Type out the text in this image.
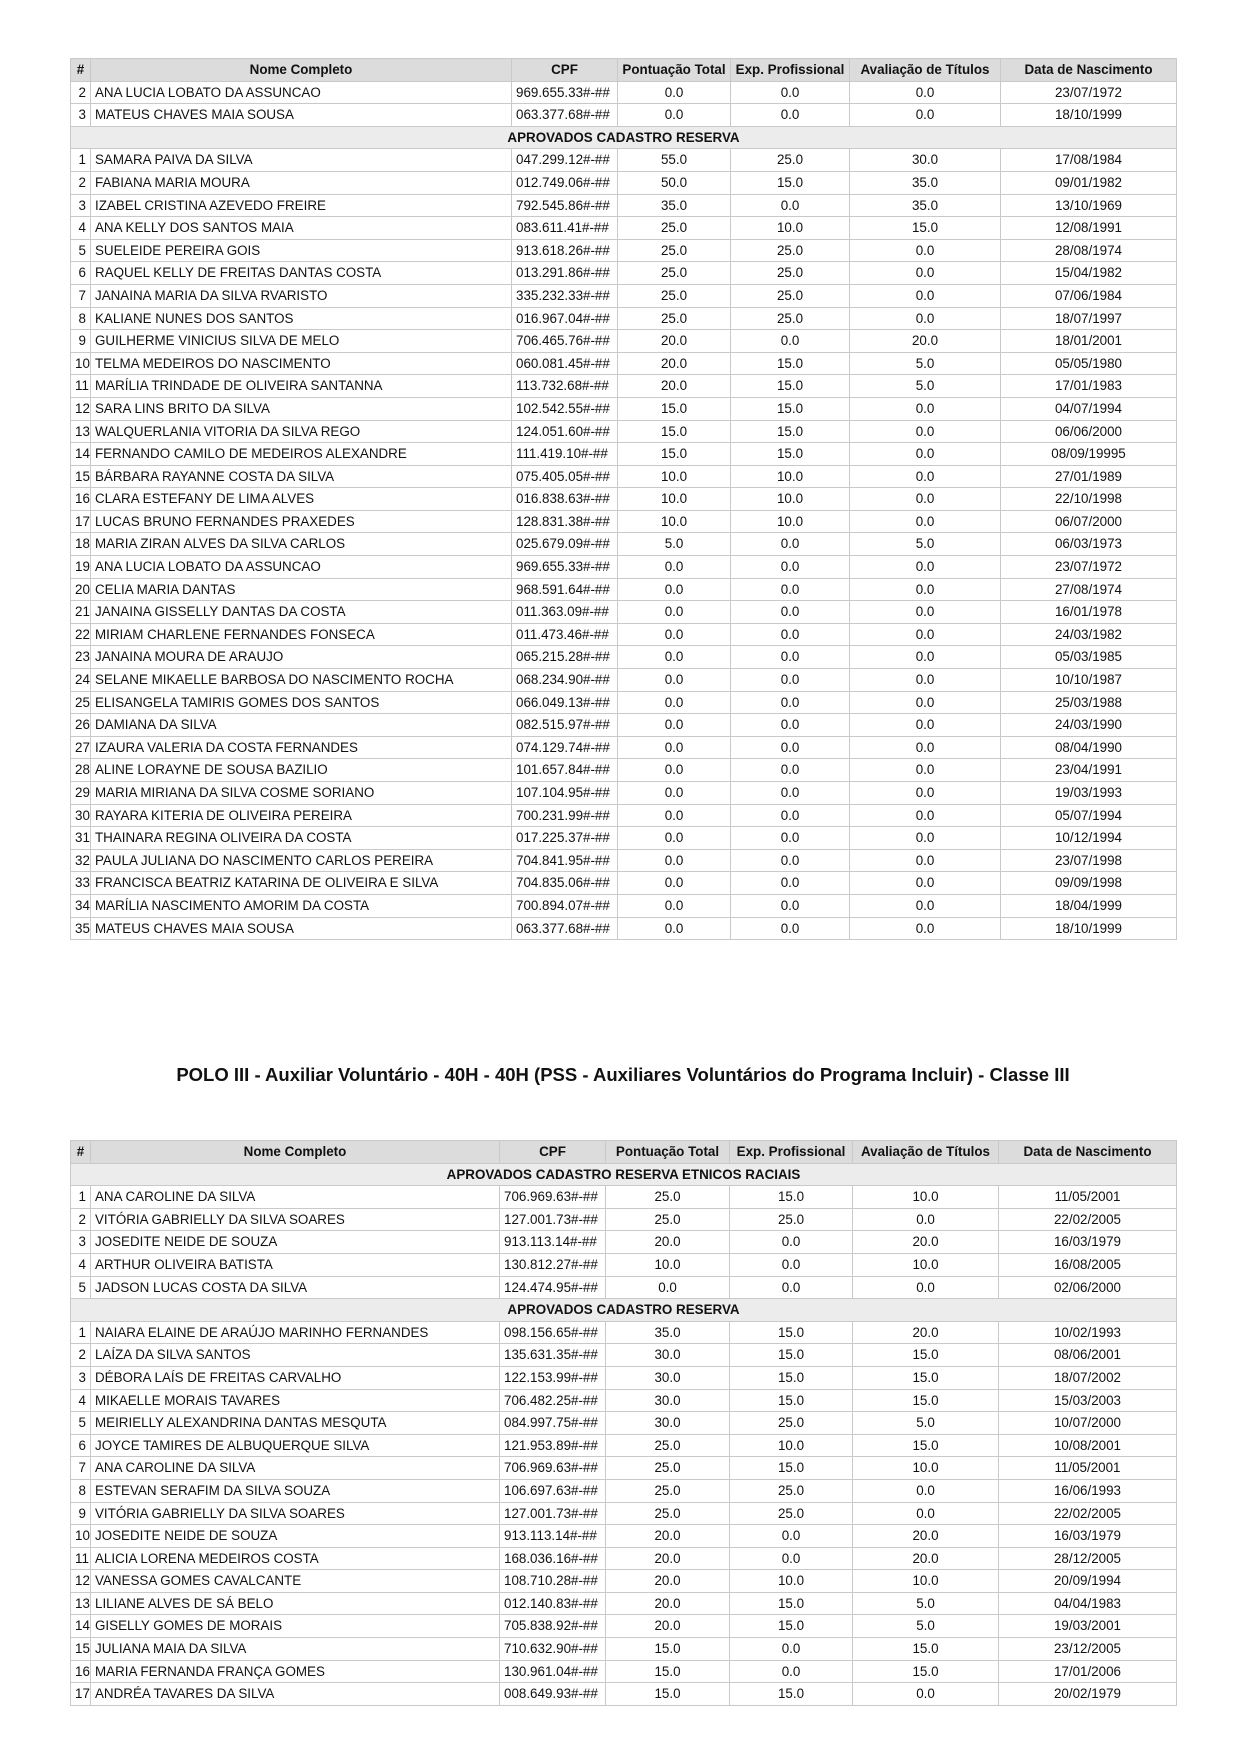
#	Nome Completo	CPF	Pontuação Total	Exp. Profissional	Avaliação de Títulos	Data de Nascimento
2	ANA LUCIA LOBATO DA ASSUNCAO	969.655.33#-##	0.0	0.0	0.0	23/07/1972
3	MATEUS CHAVES MAIA SOUSA	063.377.68#-##	0.0	0.0	0.0	18/10/1999
APROVADOS CADASTRO RESERVA						
1	SAMARA PAIVA DA SILVA	047.299.12#-##	55.0	25.0	30.0	17/08/1984
2	FABIANA MARIA MOURA	012.749.06#-##	50.0	15.0	35.0	09/01/1982
3	IZABEL CRISTINA AZEVEDO FREIRE	792.545.86#-##	35.0	0.0	35.0	13/10/1969
4	ANA KELLY DOS SANTOS MAIA	083.611.41#-##	25.0	10.0	15.0	12/08/1991
5	SUELEIDE PEREIRA GOIS	913.618.26#-##	25.0	25.0	0.0	28/08/1974
6	RAQUEL KELLY DE FREITAS DANTAS COSTA	013.291.86#-##	25.0	25.0	0.0	15/04/1982
7	JANAINA MARIA DA SILVA RVARISTO	335.232.33#-##	25.0	25.0	0.0	07/06/1984
8	KALIANE NUNES DOS SANTOS	016.967.04#-##	25.0	25.0	0.0	18/07/1997
9	GUILHERME VINICIUS SILVA DE MELO	706.465.76#-##	20.0	0.0	20.0	18/01/2001
10	TELMA MEDEIROS DO NASCIMENTO	060.081.45#-##	20.0	15.0	5.0	05/05/1980
11	MARÍLIA TRINDADE DE OLIVEIRA SANTANNA	113.732.68#-##	20.0	15.0	5.0	17/01/1983
12	SARA LINS BRITO DA SILVA	102.542.55#-##	15.0	15.0	0.0	04/07/1994
13	WALQUERLANIA VITORIA DA SILVA REGO	124.051.60#-##	15.0	15.0	0.0	06/06/2000
14	FERNANDO CAMILO DE MEDEIROS ALEXANDRE	111.419.10#-##	15.0	15.0	0.0	08/09/19995
15	BÁRBARA RAYANNE COSTA DA SILVA	075.405.05#-##	10.0	10.0	0.0	27/01/1989
16	CLARA ESTEFANY DE LIMA ALVES	016.838.63#-##	10.0	10.0	0.0	22/10/1998
17	LUCAS BRUNO FERNANDES PRAXEDES	128.831.38#-##	10.0	10.0	0.0	06/07/2000
18	MARIA ZIRAN ALVES DA SILVA CARLOS	025.679.09#-##	5.0	0.0	5.0	06/03/1973
19	ANA LUCIA LOBATO DA ASSUNCAO	969.655.33#-##	0.0	0.0	0.0	23/07/1972
20	CELIA MARIA DANTAS	968.591.64#-##	0.0	0.0	0.0	27/08/1974
21	JANAINA GISSELLY DANTAS DA COSTA	011.363.09#-##	0.0	0.0	0.0	16/01/1978
22	MIRIAM CHARLENE FERNANDES FONSECA	011.473.46#-##	0.0	0.0	0.0	24/03/1982
23	JANAINA MOURA DE ARAUJO	065.215.28#-##	0.0	0.0	0.0	05/03/1985
24	SELANE MIKAELLE BARBOSA DO NASCIMENTO ROCHA	068.234.90#-##	0.0	0.0	0.0	10/10/1987
25	ELISANGELA TAMIRIS GOMES DOS SANTOS	066.049.13#-##	0.0	0.0	0.0	25/03/1988
26	DAMIANA DA SILVA	082.515.97#-##	0.0	0.0	0.0	24/03/1990
27	IZAURA VALERIA DA COSTA FERNANDES	074.129.74#-##	0.0	0.0	0.0	08/04/1990
28	ALINE LORAYNE DE SOUSA BAZILIO	101.657.84#-##	0.0	0.0	0.0	23/04/1991
29	MARIA MIRIANA DA SILVA COSME SORIANO	107.104.95#-##	0.0	0.0	0.0	19/03/1993
30	RAYARA KITERIA DE OLIVEIRA PEREIRA	700.231.99#-##	0.0	0.0	0.0	05/07/1994
31	THAINARA REGINA OLIVEIRA DA COSTA	017.225.37#-##	0.0	0.0	0.0	10/12/1994
32	PAULA JULIANA DO NASCIMENTO CARLOS PEREIRA	704.841.95#-##	0.0	0.0	0.0	23/07/1998
33	FRANCISCA BEATRIZ KATARINA DE OLIVEIRA E SILVA	704.835.06#-##	0.0	0.0	0.0	09/09/1998
34	MARÍLIA NASCIMENTO AMORIM DA COSTA	700.894.07#-##	0.0	0.0	0.0	18/04/1999
35	MATEUS CHAVES MAIA SOUSA	063.377.68#-##	0.0	0.0	0.0	18/10/1999
POLO III - Auxiliar Voluntário - 40H - 40H (PSS - Auxiliares Voluntários do Programa Incluir) - Classe III
#	Nome Completo	CPF	Pontuação Total	Exp. Profissional	Avaliação de Títulos	Data de Nascimento
APROVADOS CADASTRO RESERVA ETNICOS RACIAIS						
1	ANA CAROLINE DA SILVA	706.969.63#-##	25.0	15.0	10.0	11/05/2001
2	VITÓRIA GABRIELLY DA SILVA SOARES	127.001.73#-##	25.0	25.0	0.0	22/02/2005
3	JOSEDITE NEIDE DE SOUZA	913.113.14#-##	20.0	0.0	20.0	16/03/1979
4	ARTHUR OLIVEIRA BATISTA	130.812.27#-##	10.0	0.0	10.0	16/08/2005
5	JADSON LUCAS COSTA DA SILVA	124.474.95#-##	0.0	0.0	0.0	02/06/2000
APROVADOS CADASTRO RESERVA						
1	NAIARA ELAINE DE ARAÚJO MARINHO FERNANDES	098.156.65#-##	35.0	15.0	20.0	10/02/1993
2	LAÍZA DA SILVA SANTOS	135.631.35#-##	30.0	15.0	15.0	08/06/2001
3	DÉBORA LAÍS DE FREITAS CARVALHO	122.153.99#-##	30.0	15.0	15.0	18/07/2002
4	MIKAELLE MORAIS TAVARES	706.482.25#-##	30.0	15.0	15.0	15/03/2003
5	MEIRIELLY ALEXANDRINA DANTAS MESQUTA	084.997.75#-##	30.0	25.0	5.0	10/07/2000
6	JOYCE TAMIRES DE ALBUQUERQUE SILVA	121.953.89#-##	25.0	10.0	15.0	10/08/2001
7	ANA CAROLINE DA SILVA	706.969.63#-##	25.0	15.0	10.0	11/05/2001
8	ESTEVAN SERAFIM DA SILVA SOUZA	106.697.63#-##	25.0	25.0	0.0	16/06/1993
9	VITÓRIA GABRIELLY DA SILVA SOARES	127.001.73#-##	25.0	25.0	0.0	22/02/2005
10	JOSEDITE NEIDE DE SOUZA	913.113.14#-##	20.0	0.0	20.0	16/03/1979
11	ALICIA LORENA MEDEIROS COSTA	168.036.16#-##	20.0	0.0	20.0	28/12/2005
12	VANESSA GOMES CAVALCANTE	108.710.28#-##	20.0	10.0	10.0	20/09/1994
13	LILIANE ALVES DE SÁ BELO	012.140.83#-##	20.0	15.0	5.0	04/04/1983
14	GISELLY GOMES DE MORAIS	705.838.92#-##	20.0	15.0	5.0	19/03/2001
15	JULIANA MAIA DA SILVA	710.632.90#-##	15.0	0.0	15.0	23/12/2005
16	MARIA FERNANDA FRANÇA GOMES	130.961.04#-##	15.0	0.0	15.0	17/01/2006
17	ANDRÉA TAVARES DA SILVA	008.649.93#-##	15.0	15.0	0.0	20/02/1979
